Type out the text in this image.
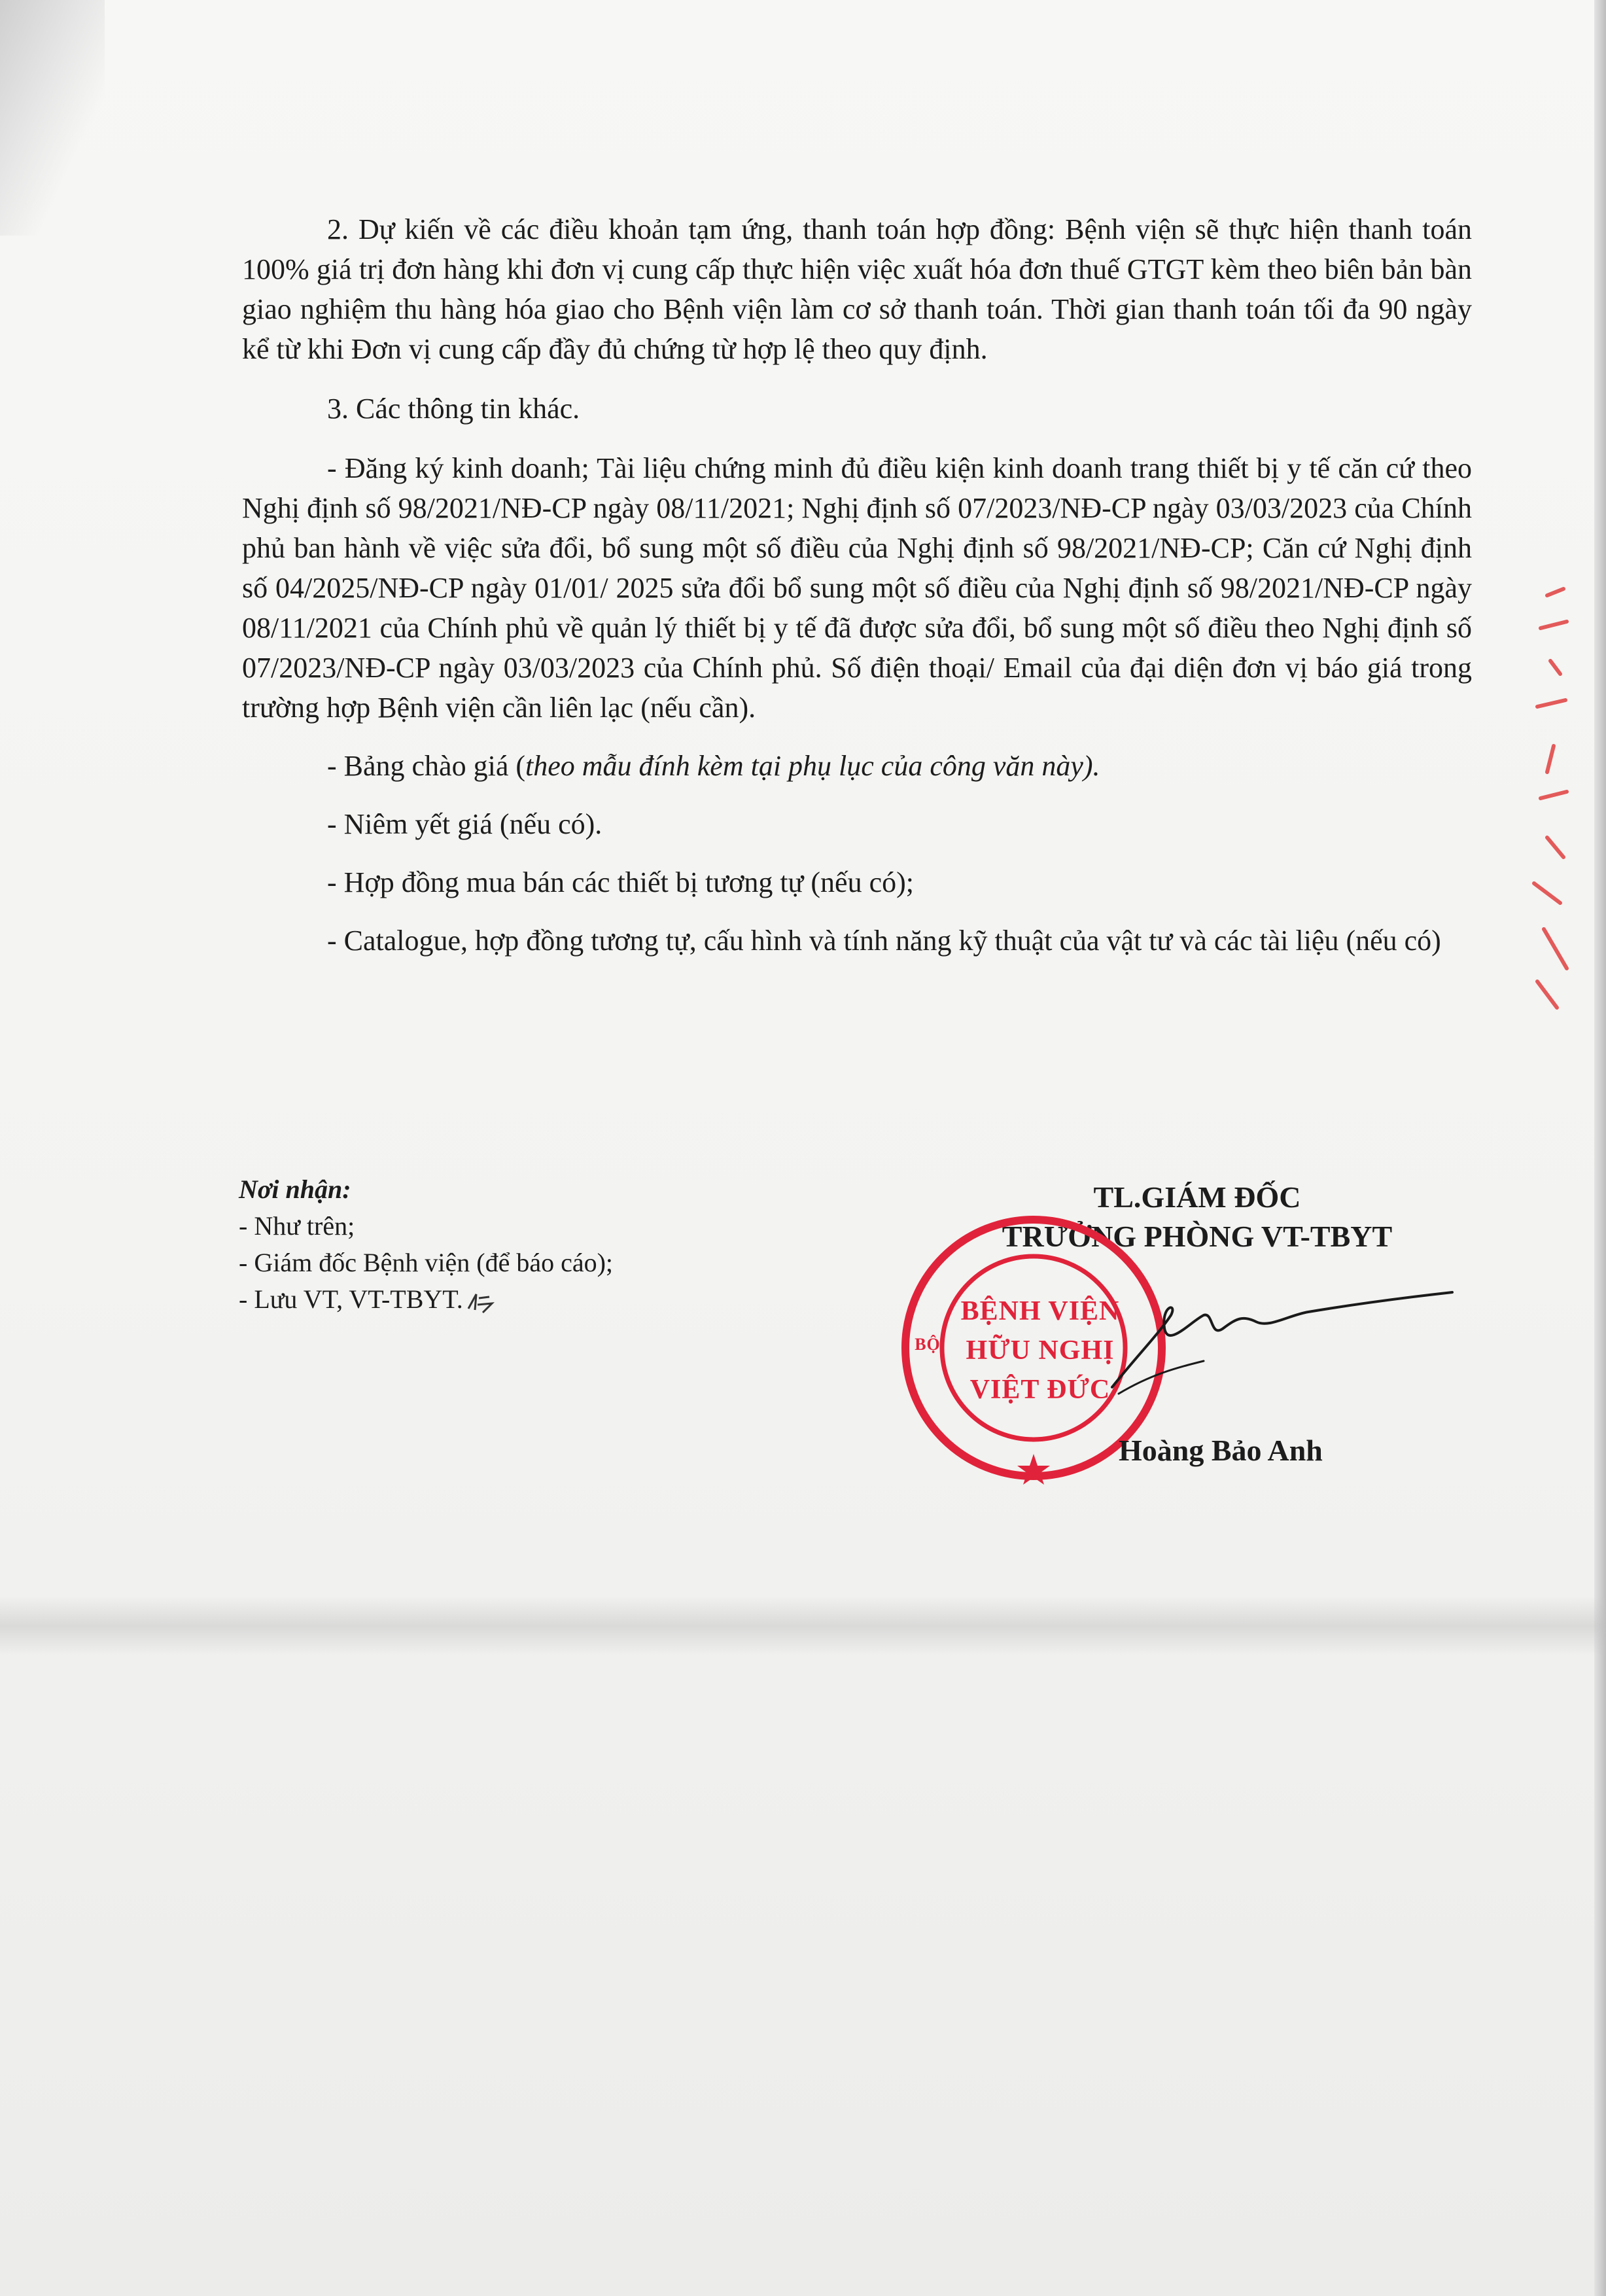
2. Dự kiến về các điều khoản tạm ứng, thanh toán hợp đồng: Bệnh viện sẽ thực hiện thanh toán 100% giá trị đơn hàng khi đơn vị cung cấp thực hiện việc xuất hóa đơn thuế GTGT kèm theo biên bản bàn giao nghiệm thu hàng hóa giao cho Bệnh viện làm cơ sở thanh toán. Thời gian thanh toán tối đa 90 ngày kể từ khi Đơn vị cung cấp đầy đủ chứng từ hợp lệ theo quy định.

3. Các thông tin khác.

- Đăng ký kinh doanh; Tài liệu chứng minh đủ điều kiện kinh doanh trang thiết bị y tế căn cứ theo Nghị định số 98/2021/NĐ-CP ngày 08/11/2021; Nghị định số 07/2023/NĐ-CP ngày 03/03/2023 của Chính phủ ban hành về việc sửa đổi, bổ sung một số điều của Nghị định số 98/2021/NĐ-CP; Căn cứ Nghị định số 04/2025/NĐ-CP ngày 01/01/ 2025 sửa đổi bổ sung một số điều của Nghị định số 98/2021/NĐ-CP ngày 08/11/2021 của Chính phủ về quản lý thiết bị y tế đã được sửa đổi, bổ sung một số điều theo Nghị định số 07/2023/NĐ-CP ngày 03/03/2023 của Chính phủ. Số điện thoại/ Email của đại diện đơn vị báo giá trong trường hợp Bệnh viện cần liên lạc (nếu cần).

- Bảng chào giá (theo mẫu đính kèm tại phụ lục của công văn này).

- Niêm yết giá (nếu có).

- Hợp đồng mua bán các thiết bị tương tự (nếu có);

- Catalogue, hợp đồng tương tự, cấu hình và tính năng kỹ thuật của vật tư và các tài liệu (nếu có)

Nơi nhận:
- Như trên;
- Giám đốc Bệnh viện (để báo cáo);
- Lưu VT, VT-TBYT.
TL.GIÁM ĐỐC
TRƯỞNG PHÒNG VT-TBYT
BỆNH VIỆN
HỮU NGHỊ
VIỆT ĐỨC
BỘ
Hoàng Bảo Anh
